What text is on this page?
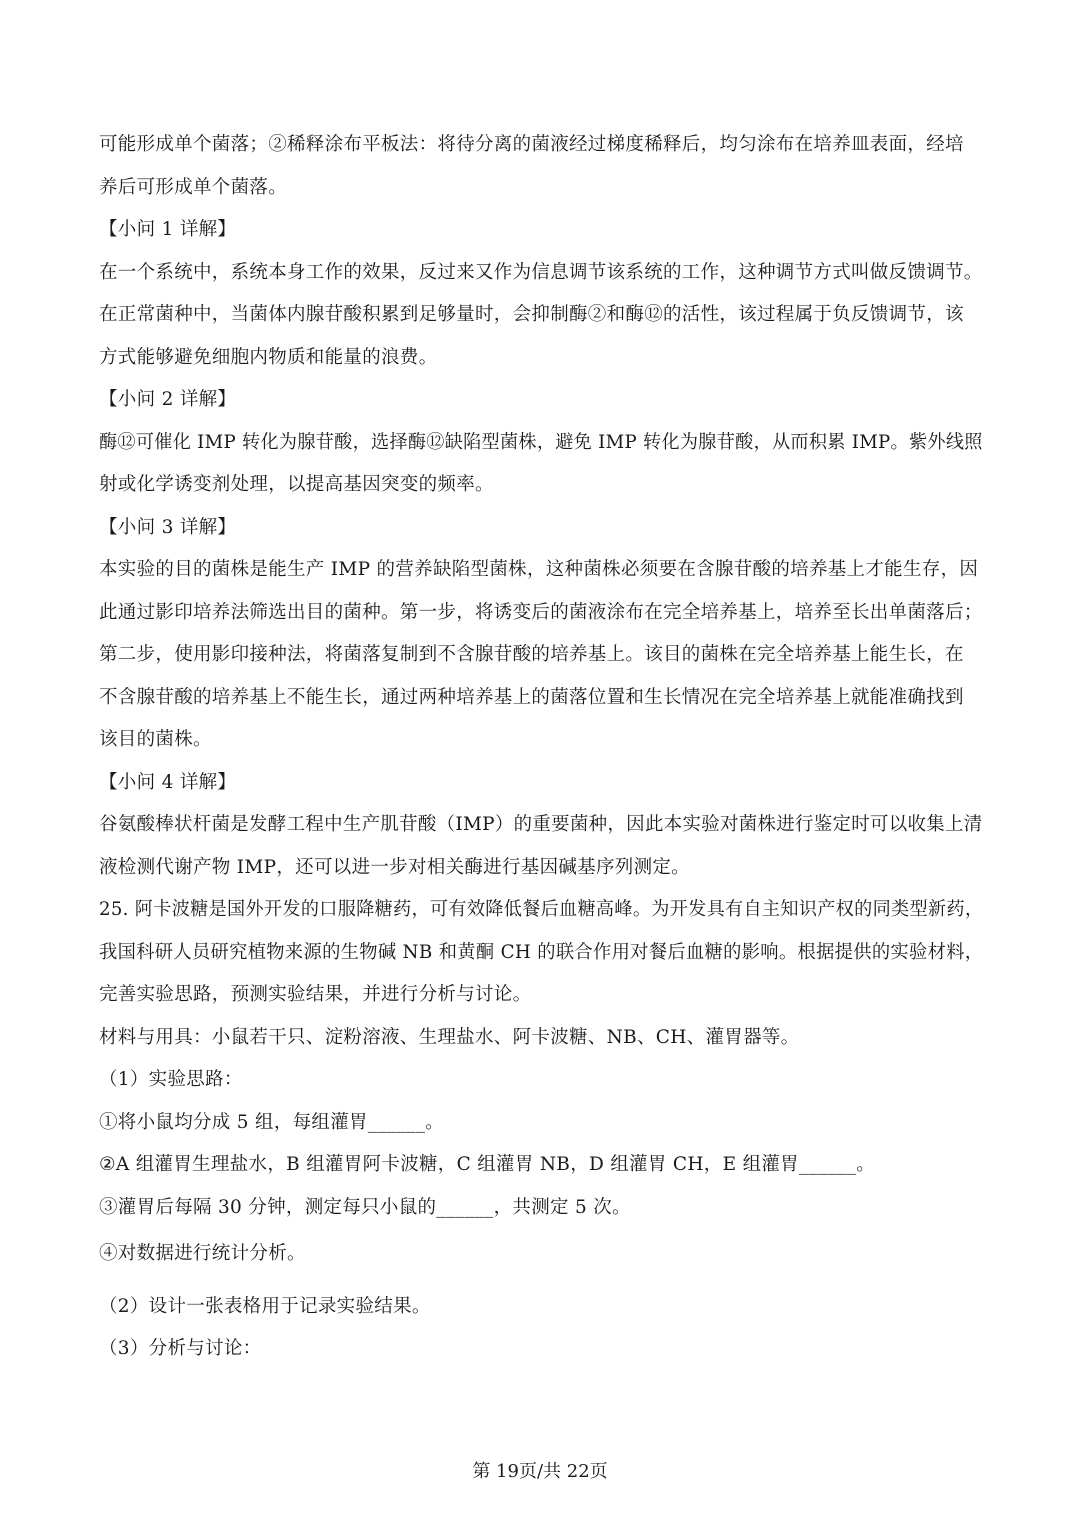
可能形成单个菌落；②稀释涂布平板法：将待分离的菌液经过梯度稀释后，均匀涂布在培养皿表面，经培
养后可形成单个菌落。
【小问 1 详解】
在一个系统中，系统本身工作的效果，反过来又作为信息调节该系统的工作，这种调节方式叫做反馈调节。
在正常菌种中，当菌体内腺苷酸积累到足够量时，会抑制酶②和酶⑫的活性，该过程属于负反馈调节，该
方式能够避免细胞内物质和能量的浪费。
【小问 2 详解】
酶⑫可催化 IMP 转化为腺苷酸，选择酶⑫缺陷型菌株，避免 IMP 转化为腺苷酸，从而积累 IMP。紫外线照
射或化学诱变剂处理，以提高基因突变的频率。
【小问 3 详解】
本实验的目的菌株是能生产 IMP 的营养缺陷型菌株，这种菌株必须要在含腺苷酸的培养基上才能生存，因
此通过影印培养法筛选出目的菌种。第一步，将诱变后的菌液涂布在完全培养基上，培养至长出单菌落后；
第二步，使用影印接种法，将菌落复制到不含腺苷酸的培养基上。该目的菌株在完全培养基上能生长，在
不含腺苷酸的培养基上不能生长，通过两种培养基上的菌落位置和生长情况在完全培养基上就能准确找到
该目的菌株。
【小问 4 详解】
谷氨酸棒状杆菌是发酵工程中生产肌苷酸（IMP）的重要菌种，因此本实验对菌株进行鉴定时可以收集上清
液检测代谢产物 IMP，还可以进一步对相关酶进行基因碱基序列测定。
25. 阿卡波糖是国外开发的口服降糖药，可有效降低餐后血糖高峰。为开发具有自主知识产权的同类型新药，
我国科研人员研究植物来源的生物碱 NB 和黄酮 CH 的联合作用对餐后血糖的影响。根据提供的实验材料，
完善实验思路，预测实验结果，并进行分析与讨论。
材料与用具：小鼠若干只、淀粉溶液、生理盐水、阿卡波糖、NB、CH、灌胃器等。
（1）实验思路：
①将小鼠均分成 5 组，每组灌胃______。
②A 组灌胃生理盐水，B 组灌胃阿卡波糖，C 组灌胃 NB，D 组灌胃 CH，E 组灌胃______。
③灌胃后每隔 30 分钟，测定每只小鼠的______，共测定 5 次。
④对数据进行统计分析。
（2）设计一张表格用于记录实验结果。
（3）分析与讨论：
第 19页/共 22页
